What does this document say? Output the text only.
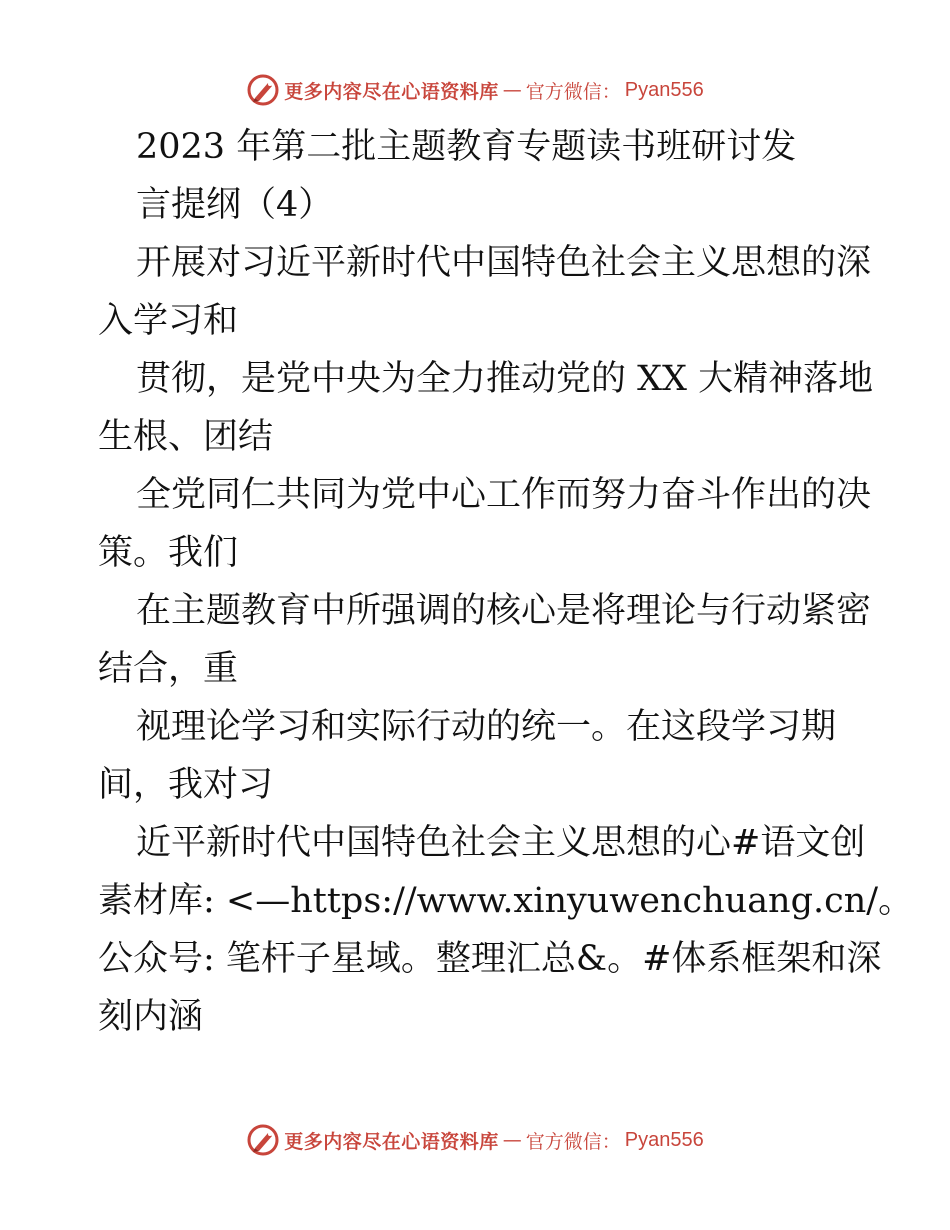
更多内容尽在心语资料库 — 官方微信： Pyan556
2023 年第二批主题教育专题读书班研讨发
言提纲（4）
开展对习近平新时代中国特色社会主义思想的深
入学习和
贯彻，是党中央为全力推动党的 XX 大精神落地
生根、团结
全党同仁共同为党中心工作而努力奋斗作出的决
策。我们
在主题教育中所强调的核心是将理论与行动紧密
结合，重
视理论学习和实际行动的统一。在这段学习期
间，我对习
近平新时代中国特色社会主义思想的心#语文创
素材库: <—https://www.xinyuwenchuang.cn/。
公众号: 笔杆子星域。整理汇总&。#体系框架和深
刻内涵
更多内容尽在心语资料库 — 官方微信： Pyan556
